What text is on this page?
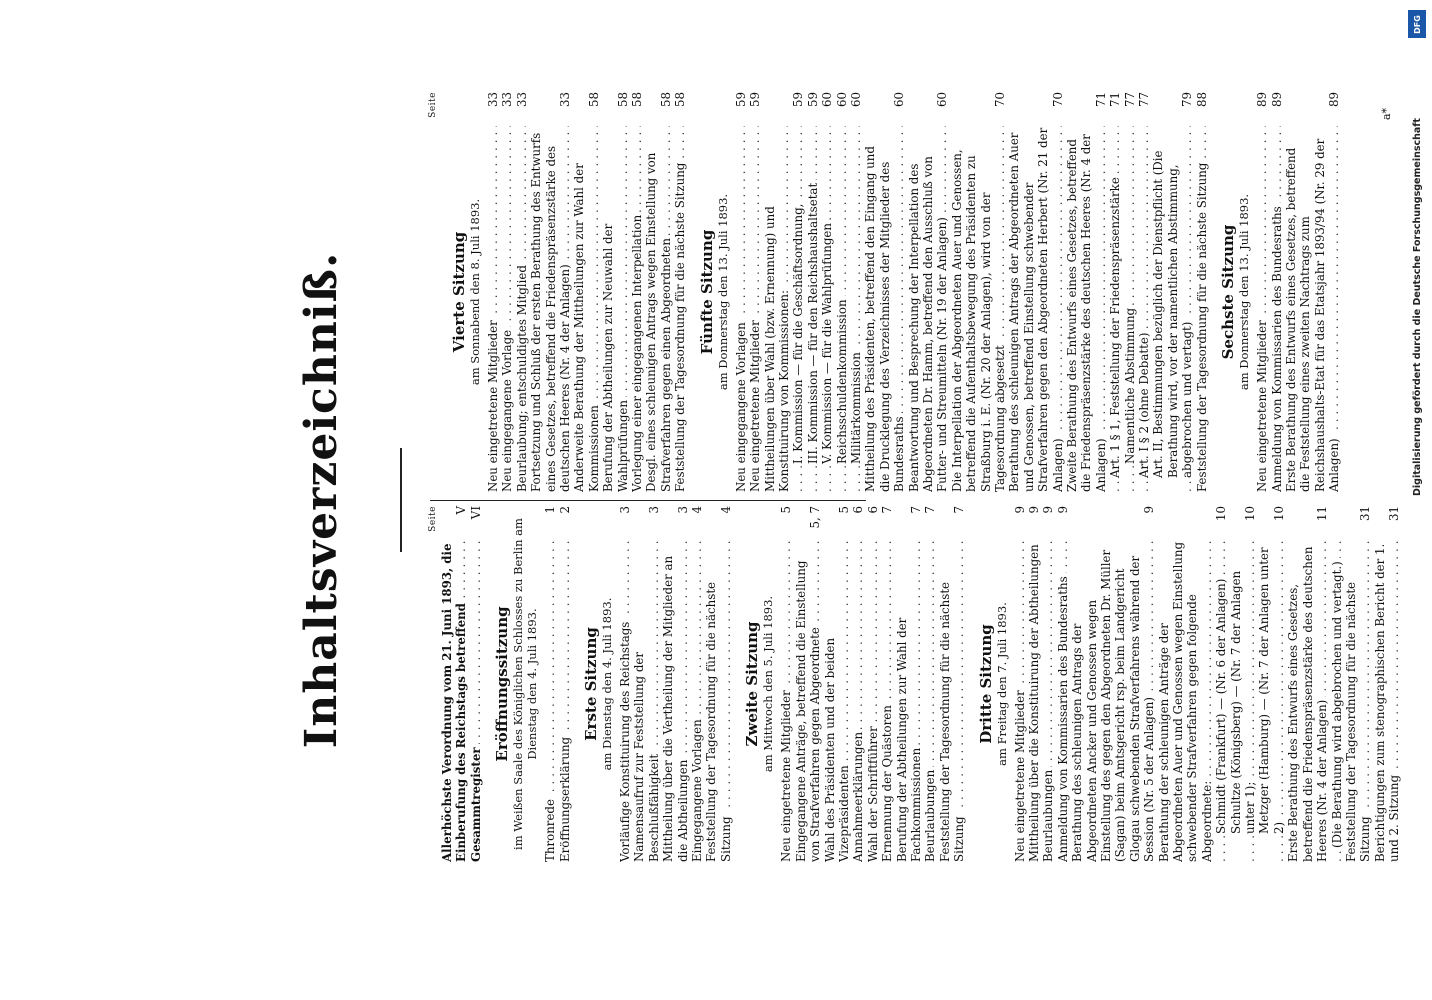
Inhaltsverzeichniß.	Seite
Allerhöchste Verordnung vom 21. Juni 1893, die Einberufung des Reichstags betreffend .....
V
Gesammtregister .....
VI
Eröffnungssitzung im Weißen Saale des Königlichen Schlosses zu Berlin am Dienstag den 4. Juli 1893.
Thronrede .....
1
Eröffnungserklärung .....
2
Erste Sitzung am Dienstag den 4. Juli 1893. Vorläufige Konstituirung des Reichstags .....
3
Namensaufruf zur Feststellung der Beschlußfähigkeit .....
3
Mittheilung über die Vertheilung der Mitglieder an die Abtheilungen .....
3
Eingegangene Vorlagen .....
4
Feststellung der Tagesordnung für die nächste Sitzung .....
4
Zweite Sitzung am Mittwoch den 5. Juli 1893.
Neu eingetretene Mitglieder .....
5
Eingegangene Anträge, betreffend die Einstellung von Strafverfahren gegen Abgeordnete .....
5, 7
Wahl des Präsidenten und der beiden Vizepräsidenten .....
5
Annahmeerklärungen .....
6
Wahl der Schriftführer .....
6
Ernennung der Quästoren .....
7
Berufung der Abtheilungen zur Wahl der Fachkommissionen .....
7
Beurlaubungen .....
7
Feststellung der Tagesordnung für die nächste Sitzung .....
7
Dritte Sitzung am Freitag den 7. Juli 1893.
Neu eingetretene Mitglieder .....
9
Mittheilung über die Konstituirung der Abtheilungen .....
9
Beurlaubungen .....
9
Anmeldung von Kommissarien des Bundesraths .....
9
Berathung des schleunigen Antrags der Abgeordneten Ancker und Genossen wegen Einstellung des gegen den Abgeordneten Dr. Müller (Sagan) beim Amtsgericht rsp. beim Landgericht Glogau schwebenden Strafverfahrens während der Session (Nr. 5 der Anlagen) .....
9
Berathung der schleunigen Anträge der Abgeordneten Auer und Genossen wegen Einstellung schwebender Strafverfahren gegen folgende Abgeordnete: ..... Schmidt (Frankfurt) — (Nr. 6 der Anlagen) .....
10
Schultze (Königsberg) — (Nr. 7 der Anlagen unter 1); .....
10
Metzger (Hamburg) — (Nr. 7 der Anlagen unter 2) .....
10
Erste Berathung des Entwurfs eines Gesetzes, betreffend die Friedenspräsenzstärke des deutschen Heeres (Nr. 4 der Anlagen) .....
11
(Die Berathung wird abgebrochen und vertagt.) ..... Feststellung der Tagesordnung für die nächste Sitzung .....
31
Berichtigungen zum stenographischen Bericht der 1. und 2. Sitzung .....
31
Seite
Vierte Sitzung am Sonnabend den 8. Juli 1893.
Neu eingetretene Mitglieder .....
33
Neu eingegangene Vorlage .....
33
Beurlaubung; entschuldigtes Mitglied .....
33
Fortsetzung und Schluß der ersten Berathung des Entwurfs eines Gesetzes, betreffend die Friedenspräsenzstärke des deutschen Heeres (Nr. 4 der Anlagen) .....
33
Anderweite Berathung der Mittheilungen zur Wahl der Kommissionen .....
58
Berufung der Abtheilungen zur Neuwahl der Wahlprüfungen .....
58
Vorlegung einer eingegangenen Interpellation .....
58
Desgl. eines schleunigen Antrags wegen Einstellung von Strafverfahren gegen einen Abgeordneten .....
58
Feststellung der Tagesordnung für die nächste Sitzung .....
58
Fünfte Sitzung am Donnerstag den 13. Juli 1893.
Neu eingegangene Vorlagen .....
59
Neu eingetretene Mitglieder .....
59
Mittheilungen über Wahl (bzw. Ernennung) und Konstituirung von Kommissionen: ..... I. Kommission — für die Geschäftsordnung, .....
59
III. Kommission — für den Reichshaushaltsetat .....
59
V. Kommission — für die Wahlprüfungen .....
60
Reichsschuldenkommission .....
60
Militärkommission .....
60
Mittheilung des Präsidenten, betreffend den Eingang und die Drucklegung des Verzeichnisses der Mitglieder des Bundesraths .....
60
Beantwortung und Besprechung der Interpellation des Abgeordneten Dr. Hamm, betreffend den Ausschluß von Futter- und Streumitteln (Nr. 19 der Anlagen) .....
60
Die Interpellation der Abgeordneten Auer und Genossen, betreffend die Aufenthaltsbewegung des Präsidenten zu Straßburg i. E. (Nr. 20 der Anlagen), wird von der Tagesordnung abgesetzt .....
70
Berathung des schleunigen Antrags der Abgeordneten Auer und Genossen, betreffend Einstellung schwebender Strafverfahren gegen den Abgeordneten Herbert (Nr. 21 der Anlagen) .....
70
Zweite Berathung des Entwurfs eines Gesetzes, betreffend die Friedenspräsenzstärke des deutschen Heeres (Nr. 4 der Anlagen) .....
71
Art. 1 § 1, Feststellung der Friedenspräsenzstärke .....
71
Namentliche Abstimmung .....
77
Art. I § 2 (ohne Debatte) .....
77
Art. II, Bestimmungen bezüglich der Dienstpflicht (Die Berathung wird, vor der namentlichen Abstimmung, abgebrochen und vertagt) .....
79
Feststellung der Tagesordnung für die nächste Sitzung .....
88
Sechste Sitzung am Donnerstag den 13. Juli 1893.
Neu eingetretene Mitglieder .....
89
Anmeldung von Kommissarien des Bundesraths .....
89
Erste Berathung des Entwurfs eines Gesetzes, betreffend die Feststellung eines zweiten Nachtrags zum Reichshaushalts-Etat für das Etatsjahr 1893/94 (Nr. 29 der Anlagen) .....
89
a*
DFG
Digitalisierung gefördert durch die Deutsche Forschungsgemeinschaft
